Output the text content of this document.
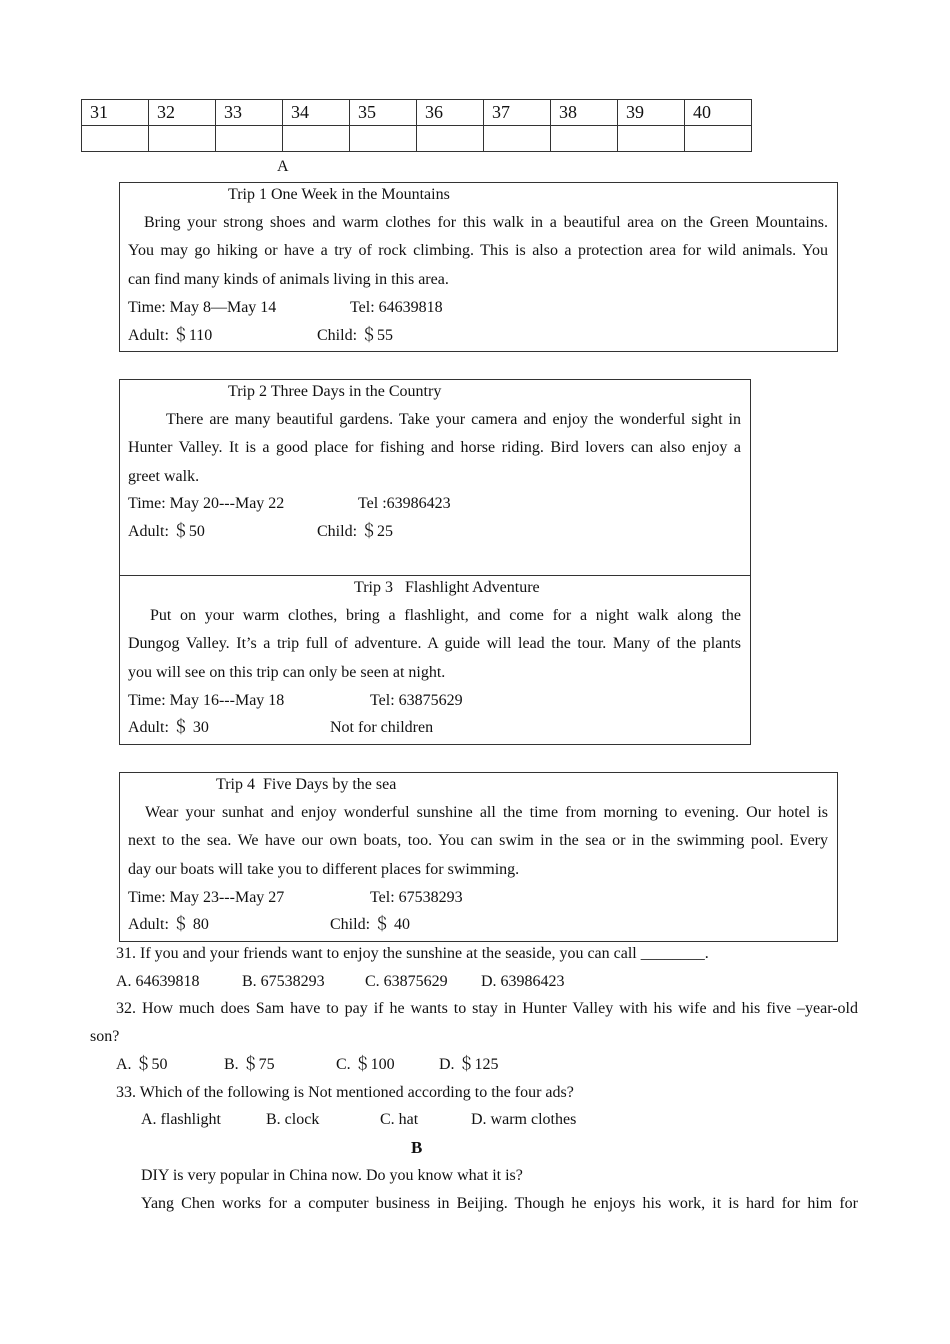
31	32	33	34	35	36	37	38	39	40

A
Trip 1 One Week in the Mountains
Bring your strong shoes and warm clothes for this walk in a beautiful area on the Green Mountains.
You may go hiking or have a try of rock climbing. This is also a protection area for wild animals. You
can find many kinds of animals living in this area.
Time: May 8—May 14	Tel: 64639818
Adult: ＄110	Child: ＄55
Trip 2 Three Days in the Country
There are many beautiful gardens. Take your camera and enjoy the wonderful sight in
Hunter Valley. It is a good place for fishing and horse riding. Bird lovers can also enjoy a
greet walk.
Time: May 20---May 22	Tel :63986423
Adult: ＄50	Child: ＄25
Trip 3   Flashlight Adventure
Put on your warm clothes, bring a flashlight, and come for a night walk along the
Dungog Valley. It’s a trip full of adventure. A guide will lead the tour. Many of the plants
you will see on this trip can only be seen at night.
Time: May 16---May 18	Tel: 63875629
Adult: ＄ 30	Not for children
Trip 4  Five Days by the sea
Wear your sunhat and enjoy wonderful sunshine all the time from morning to evening. Our hotel is
next to the sea. We have our own boats, too. You can swim in the sea or in the swimming pool. Every
day our boats will take you to different places for swimming.
Time: May 23---May 27	Tel: 67538293
Adult: ＄ 80	Child: ＄ 40
31. If you and your friends want to enjoy the sunshine at the seaside, you can call ________.
A. 64639818	B. 67538293	C. 63875629 D. 63986423
32. How much does Sam have to pay if he wants to stay in Hunter Valley with his wife and his five –year-old
son?
A. ＄50	B. ＄75	C. ＄100	D. ＄125
33. Which of the following is Not mentioned according to the four ads?
A. flashlight	B. clock	C. hat	D. warm clothes
B
DIY is very popular in China now. Do you know what it is?
Yang Chen works for a computer business in Beijing. Though he enjoys his work, it is hard for him for
